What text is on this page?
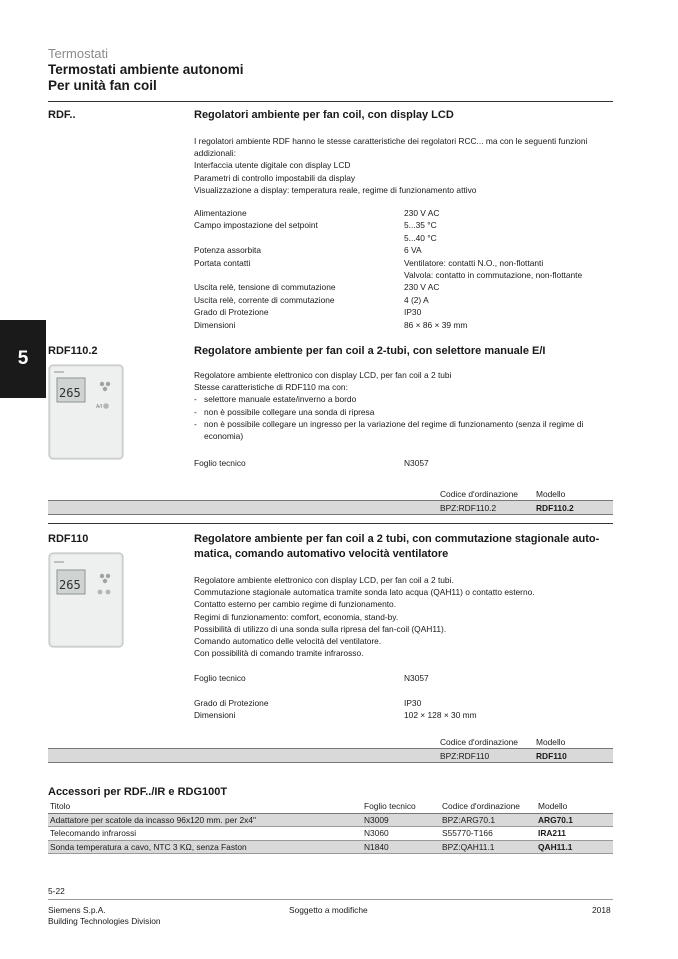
Termostati
Termostati ambiente autonomi
Per unità fan coil
5
RDF..	Regolatori ambiente per fan coil, con display LCD
I regolatori ambiente RDF hanno le stesse caratteristiche dei regolatori RCC... ma con le seguenti funzioni
addizionali:
Interfaccia utente digitale con display LCD
Parametri di controllo impostabili da display
Visualizzazione a display: temperatura reale, regime di funzionamento attivo
Alimentazione	230 V AC
Campo impostazione del setpoint	5...35 °C
	5...40 °C
Potenza assorbita	6 VA
Portata contatti	Ventilatore: contatti N.O., non-flottanti
	Valvola: contatto in commutazione, non-flottante
Uscita relè, tensione di commutazione	230 V AC
Uscita relè, corrente di commutazione	4 (2) A
Grado di Protezione	IP30
Dimensioni	86 × 86 × 39 mm
RDF110.2	Regolatore ambiente per fan coil a 2-tubi, con selettore manuale E/I
265
A/I
Regolatore ambiente elettronico con display LCD, per fan coil a 2 tubi
Stesse caratteristiche di RDF110 ma con:
- selettore manuale estate/inverno a bordo
- non è possibile collegare una sonda di ripresa
- non è possibile collegare un ingresso per la variazione del regime di funzionamento (senza il regime di economia)
Foglio tecnico	N3057
Codice d'ordinazione Modello
BPZ:RDF110.2	RDF110.2
RDF110	Regolatore ambiente per fan coil a 2 tubi, con commutazione stagionale auto-
matica, comando automativo velocità ventilatore
265	Regolatore ambiente elettronico con display LCD, per fan coil a 2 tubi.
Commutazione stagionale automatica tramite sonda lato acqua (QAH11) o contatto esterno.
Contatto esterno per cambio regime di funzionamento.
Regimi di funzionamento: comfort, economia, stand-by.
Possibilità di utilizzo di una sonda sulla ripresa del fan-coil (QAH11).
Comando automatico delle velocità del ventilatore.
Con possibilità di comando tramite infrarosso.
Foglio tecnico	N3057

Grado di Protezione	IP30
Dimensioni	102 × 128 × 30 mm
Codice d'ordinazione Modello
BPZ:RDF110	RDF110
Accessori per RDF../IR e RDG100T
Titolo	Foglio tecnico	Codice d'ordinazione	Modello
Adattatore per scatole da incasso 96x120 mm. per 2x4"	N3009	BPZ:ARG70.1	ARG70.1
Telecomando infrarossi	N3060	S55770-T166	IRA211
Sonda temperatura a cavo, NTC 3 KΩ, senza Faston	N1840	BPZ:QAH11.1	QAH11.1
5-22
Siemens S.p.A.
Building Technologies Division
Soggetto a modifiche	2018
